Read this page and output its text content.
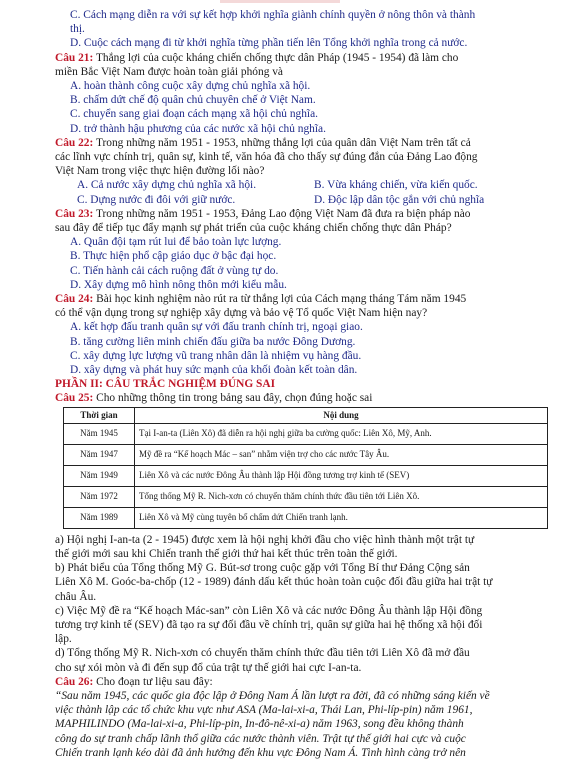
C. Cách mạng diễn ra với sự kết hợp khởi nghĩa giành chính quyền ở nông thôn và thành
thị.
D. Cuộc cách mạng đi từ khởi nghĩa từng phần tiến lên Tổng khởi nghĩa trong cả nước.
Câu 21: Thắng lợi của cuộc kháng chiến chống thực dân Pháp (1945 - 1954) đã làm cho
miền Bắc Việt Nam được hoàn toàn giải phóng và
A. hoàn thành công cuộc xây dựng chủ nghĩa xã hội.
B. chấm dứt chế độ quân chủ chuyên chế ở Việt Nam.
C. chuyển sang giai đoạn cách mạng xã hội chủ nghĩa.
D. trở thành hậu phương của các nước xã hội chủ nghĩa.
Câu 22: Trong những năm 1951 - 1953, những thắng lợi của quân dân Việt Nam trên tất cả
các lĩnh vực chính trị, quân sự, kinh tế, văn hóa đã cho thấy sự đúng đắn của Đảng Lao động
Việt Nam trong việc thực hiện đường lối nào?
A. Cả nước xây dựng chủ nghĩa xã hội.	B. Vừa kháng chiến, vừa kiến quốc.
C. Dựng nước đi đôi với giữ nước.	D. Độc lập dân tộc gắn với chủ nghĩa
Câu 23: Trong những năm 1951 - 1953, Đảng Lao động Việt Nam đã đưa ra biện pháp nào
sau đây để tiếp tục đẩy mạnh sự phát triển của cuộc kháng chiến chống thực dân Pháp?
A. Quân đội tạm rút lui để bảo toàn lực lượng.
B. Thực hiện phổ cập giáo dục ở bậc đại học.
C. Tiến hành cải cách ruộng đất ở vùng tự do.
D. Xây dựng mô hình nông thôn mới kiểu mẫu.
Câu 24: Bài học kinh nghiệm nào rút ra từ thắng lợi của Cách mạng tháng Tám năm 1945
có thể vận dụng trong sự nghiệp xây dựng và bảo vệ Tổ quốc Việt Nam hiện nay?
A. kết hợp đấu tranh quân sự với đấu tranh chính trị, ngoại giao.
B. tăng cường liên minh chiến đấu giữa ba nước Đông Dương.
C. xây dựng lực lượng vũ trang nhân dân là nhiệm vụ hàng đầu.
D. xây dựng và phát huy sức mạnh của khối đoàn kết toàn dân.
PHẦN II: CÂU TRẮC NGHIỆM ĐÚNG SAI
Câu 25: Cho những thông tin trong bảng sau đây, chọn đúng hoặc sai
Thời gian	Nội dung
Năm 1945	Tại I-an-ta (Liên Xô) đã diễn ra hội nghị giữa ba cường quốc: Liên Xô, Mỹ, Anh.
Năm 1947	Mỹ đề ra “Kế hoạch Mác – san” nhằm viện trợ cho các nước Tây Âu.
Năm 1949	Liên Xô và các nước Đông Âu thành lập Hội đồng tương trợ kinh tế (SEV)
Năm 1972	Tổng thống Mỹ R. Nich-xơn có chuyến thăm chính thức đầu tiên tới Liên Xô.
Năm 1989	Liên Xô và Mỹ cùng tuyên bố chấm dứt Chiến tranh lạnh.
a) Hội nghị I-an-ta (2 - 1945) được xem là hội nghị khởi đầu cho việc hình thành một trật tự
thế giới mới sau khi Chiến tranh thế giới thứ hai kết thúc trên toàn thế giới.
b) Phát biểu của Tổng thống Mỹ G. Bút-sơ trong cuộc gặp với Tổng Bí thư Đảng Cộng sản
Liên Xô M. Goóc-ba-chốp (12 - 1989) đánh dấu kết thúc hoàn toàn cuộc đối đầu giữa hai trật tự
châu Âu.
c) Việc Mỹ đề ra “Kế hoạch Mác-san” còn Liên Xô và các nước Đông Âu thành lập Hội đồng
tương trợ kinh tế (SEV) đã tạo ra sự đối đầu về chính trị, quân sự giữa hai hệ thống xã hội đối
lập.
d) Tổng thống Mỹ R. Nich-xơn có chuyến thăm chính thức đầu tiên tới Liên Xô đã mở đầu
cho sự xói mòn và đi đến sụp đổ của trật tự thế giới hai cực I-an-ta.
Câu 26: Cho đoạn tư liệu sau đây:
“Sau năm 1945, các quốc gia độc lập ở Đông Nam Á lần lượt ra đời, đã có những sáng kiến về
việc thành lập các tổ chức khu vực như ASA (Ma-lai-xi-a, Thái Lan, Phi-líp-pin) năm 1961,
MAPHILINDO (Ma-lai-xi-a, Phi-líp-pin, In-đô-nê-xi-a) năm 1963, song đều không thành
công do sự tranh chấp lãnh thổ giữa các nước thành viên. Trật tự thế giới hai cực và cuộc
Chiến tranh lạnh kéo dài đã ảnh hưởng đến khu vực Đông Nam Á. Tình hình càng trở nên
